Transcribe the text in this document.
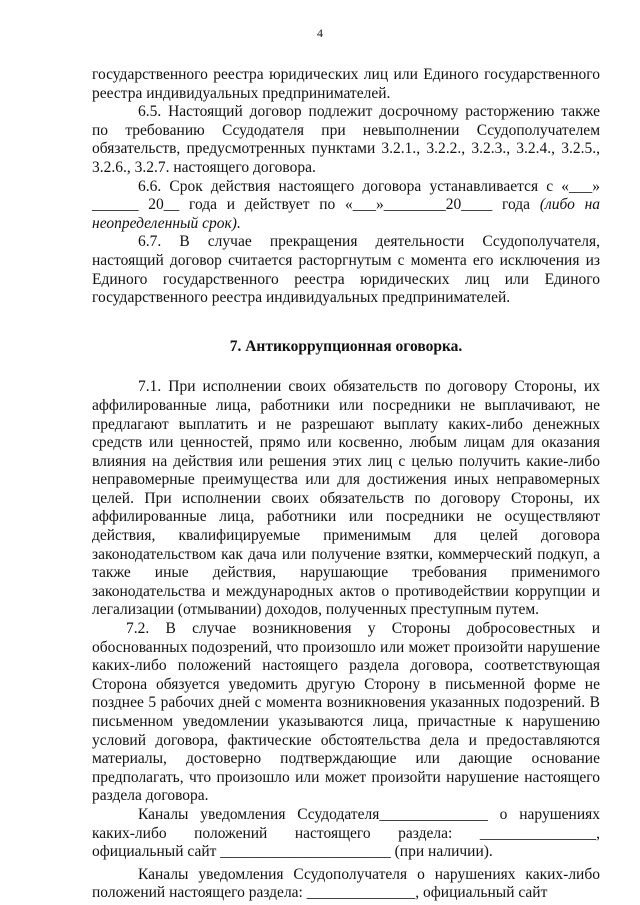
4

государственного реестра юридических лиц или Единого государственного реестра индивидуальных предпринимателей.

6.5. Настоящий договор подлежит досрочному расторжению также по требованию Ссудодателя при невыполнении Ссудополучателем обязательств, предусмотренных пунктами 3.2.1., 3.2.2., 3.2.3., 3.2.4., 3.2.5., 3.2.6., 3.2.7. настоящего договора.

6.6. Срок действия настоящего договора устанавливается с «___» ______ 20__ года и действует по «___»________20____ года (либо на неопределенный срок).

6.7. В случае прекращения деятельности Ссудополучателя, настоящий договор считается расторгнутым с момента его исключения из Единого государственного реестра юридических лиц или Единого государственного реестра индивидуальных предпринимателей.

7. Антикоррупционная оговорка.

7.1. При исполнении своих обязательств по договору Стороны, их аффилированные лица, работники или посредники не выплачивают, не предлагают выплатить и не разрешают выплату каких-либо денежных средств или ценностей, прямо или косвенно, любым лицам для оказания влияния на действия или решения этих лиц с целью получить какие-либо неправомерные преимущества или для достижения иных неправомерных целей. При исполнении своих обязательств по договору Стороны, их аффилированные лица, работники или посредники не осуществляют действия, квалифицируемые применимым для целей договора законодательством как дача или получение взятки, коммерческий подкуп, а также иные действия, нарушающие требования применимого законодательства и международных актов о противодействии коррупции и легализации (отмывании) доходов, полученных преступным путем.

7.2. В случае возникновения у Стороны добросовестных и обоснованных подозрений, что произошло или может произойти нарушение каких-либо положений настоящего раздела договора, соответствующая Сторона обязуется уведомить другую Сторону в письменной форме не позднее 5 рабочих дней с момента возникновения указанных подозрений. В письменном уведомлении указываются лица, причастные к нарушению условий договора, фактические обстоятельства дела и предоставляются материалы, достоверно подтверждающие или дающие основание предполагать, что произошло или может произойти нарушение настоящего раздела договора.

Каналы уведомления Ссудодателя______________ о нарушениях каких-либо положений настоящего раздела: _______________, официальный сайт ______________________ (при наличии).

Каналы уведомления Ссудополучателя о нарушениях каких-либо положений настоящего раздела: ______________, официальный сайт
